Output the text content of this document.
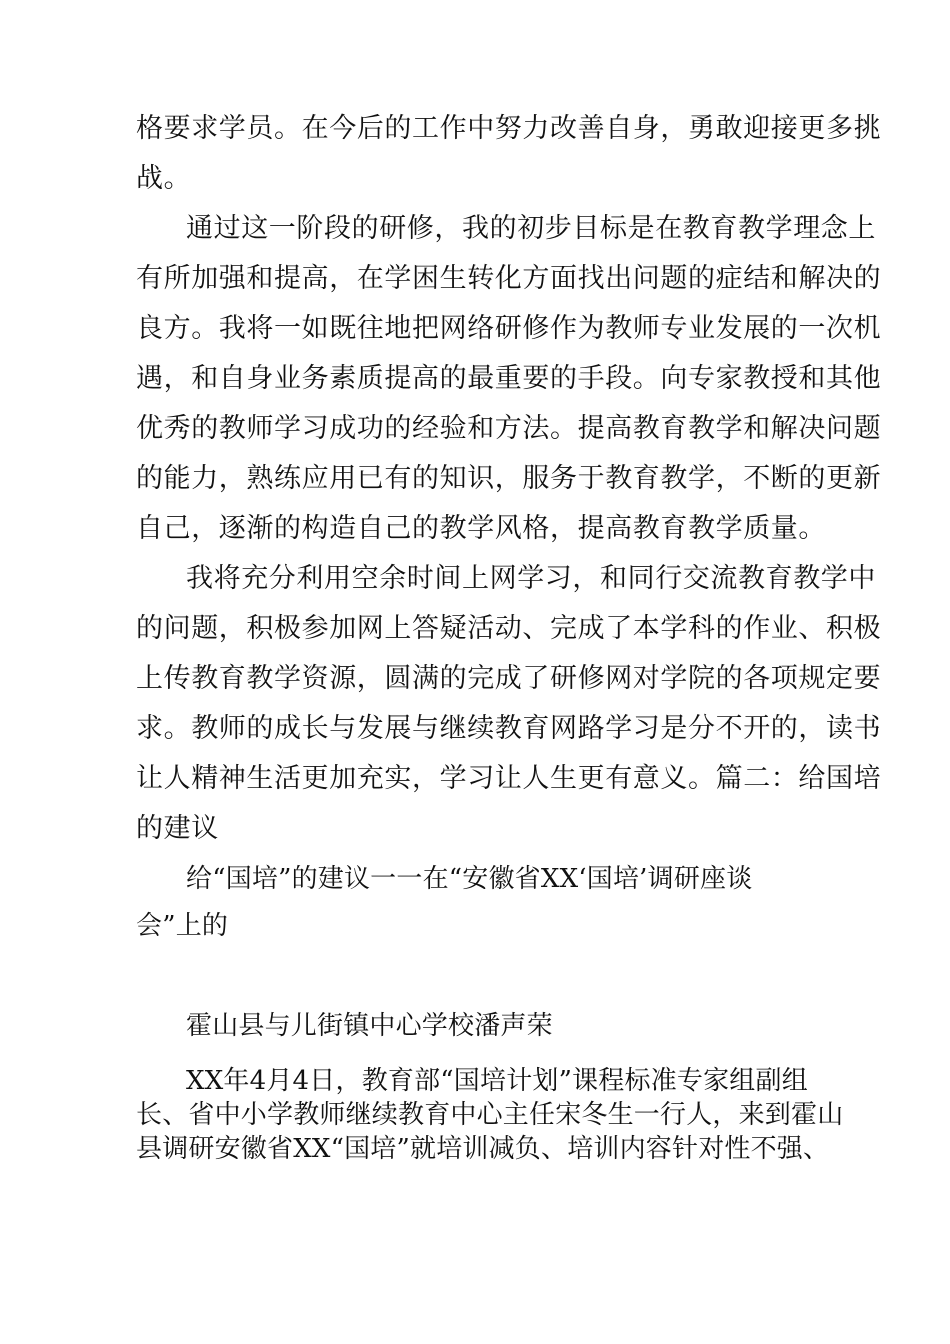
格要求学员。在今后的工作中努力改善自身，勇敢迎接更多挑
战。
通过这一阶段的研修，我的初步目标是在教育教学理念上
有所加强和提高，在学困生转化方面找出问题的症结和解决的
良方。我将一如既往地把网络研修作为教师专业发展的一次机
遇，和自身业务素质提高的最重要的手段。向专家教授和其他
优秀的教师学习成功的经验和方法。提高教育教学和解决问题
的能力，熟练应用已有的知识，服务于教育教学，不断的更新
自己，逐渐的构造自己的教学风格，提高教育教学质量。
我将充分利用空余时间上网学习，和同行交流教育教学中
的问题，积极参加网上答疑活动、完成了本学科的作业、积极
上传教育教学资源，圆满的完成了研修网对学院的各项规定要
求。教师的成长与发展与继续教育网路学习是分不开的，读书
让人精神生活更加充实，学习让人生更有意义。篇二：给国培
的建议
给“国培”的建议一一在“安徽省XX‘国培’调研座谈
会”上的
霍山县与儿街镇中心学校潘声荣
XX年4月4日，教育部“国培计划”课程标准专家组副组
长、省中小学教师继续教育中心主任宋冬生一行人，来到霍山
县调研安徽省XX“国培”就培训减负、培训内容针对性不强、
